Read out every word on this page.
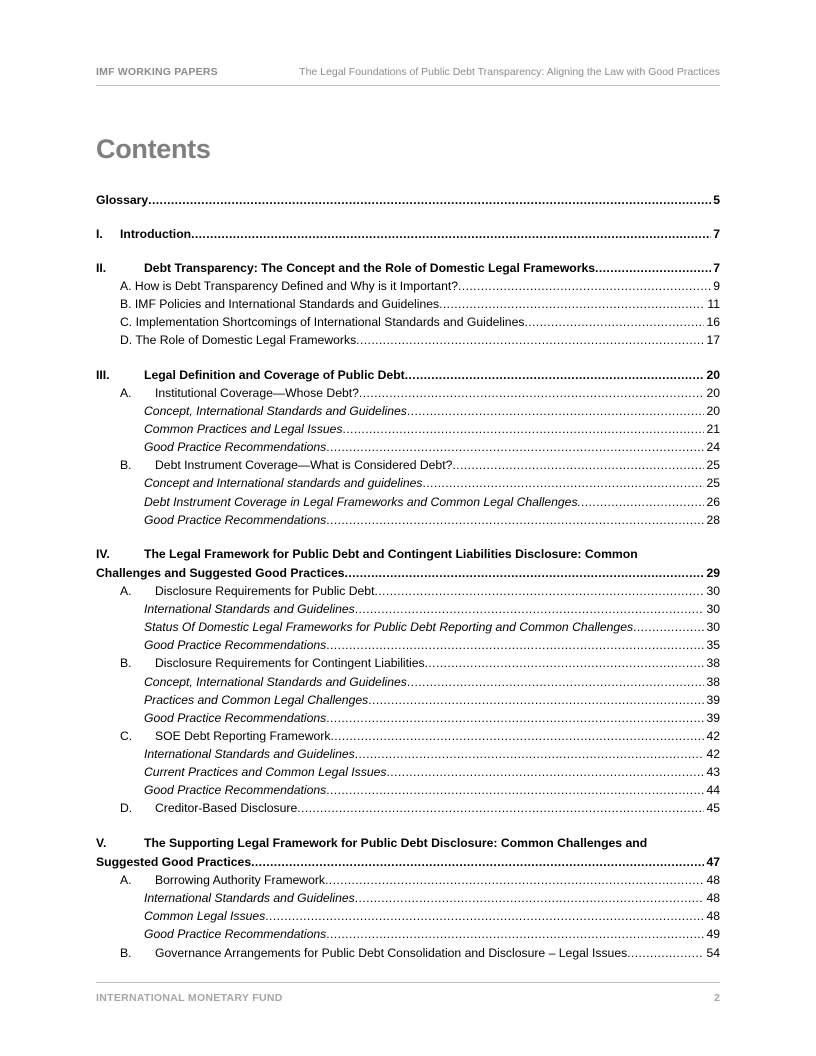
IMF WORKING PAPERS	The Legal Foundations of Public Debt Transparency: Aligning the Law with Good Practices
Contents
Glossary .....	5
I. Introduction .....	7
II.	Debt Transparency: The Concept and the Role of Domestic Legal Frameworks .....	7
A. How is Debt Transparency Defined and Why is it Important? .....	9
B. IMF Policies and International Standards and Guidelines .....	11
C. Implementation Shortcomings of International Standards and Guidelines .....	16
D. The Role of Domestic Legal Frameworks .....	17
III.	Legal Definition and Coverage of Public Debt .....	20
A. Institutional Coverage—Whose Debt? .....	20
Concept, International Standards and Guidelines .....	20
Common Practices and Legal Issues .....	21
Good Practice Recommendations .....	24
B. Debt Instrument Coverage—What is Considered Debt? .....	25
Concept and International standards and guidelines .....	25
Debt Instrument Coverage in Legal Frameworks and Common Legal Challenges. .....	26
Good Practice Recommendations .....	28
IV.	The Legal Framework for Public Debt and Contingent Liabilities Disclosure: Common
Challenges and Suggested Good Practices .....	29
A. Disclosure Requirements for Public Debt .....	30
International Standards and Guidelines .....	30
Status Of Domestic Legal Frameworks for Public Debt Reporting and Common Challenges .....	30
Good Practice Recommendations .....	35
B. Disclosure Requirements for Contingent Liabilities .....	38
Concept, International Standards and Guidelines .....	38
Practices and Common Legal Challenges .....	39
Good Practice Recommendations .....	39
C. SOE Debt Reporting Framework .....	42
International Standards and Guidelines .....	42
Current Practices and Common Legal Issues .....	43
Good Practice Recommendations .....	44
D. Creditor-Based Disclosure .....	45
V.	The Supporting Legal Framework for Public Debt Disclosure: Common Challenges and
Suggested Good Practices .....	47
A. Borrowing Authority Framework .....	48
International Standards and Guidelines .....	48
Common Legal Issues .....	48
Good Practice Recommendations .....	49
B. Governance Arrangements for Public Debt Consolidation and Disclosure – Legal Issues .....	54
INTERNATIONAL MONETARY FUND	2
